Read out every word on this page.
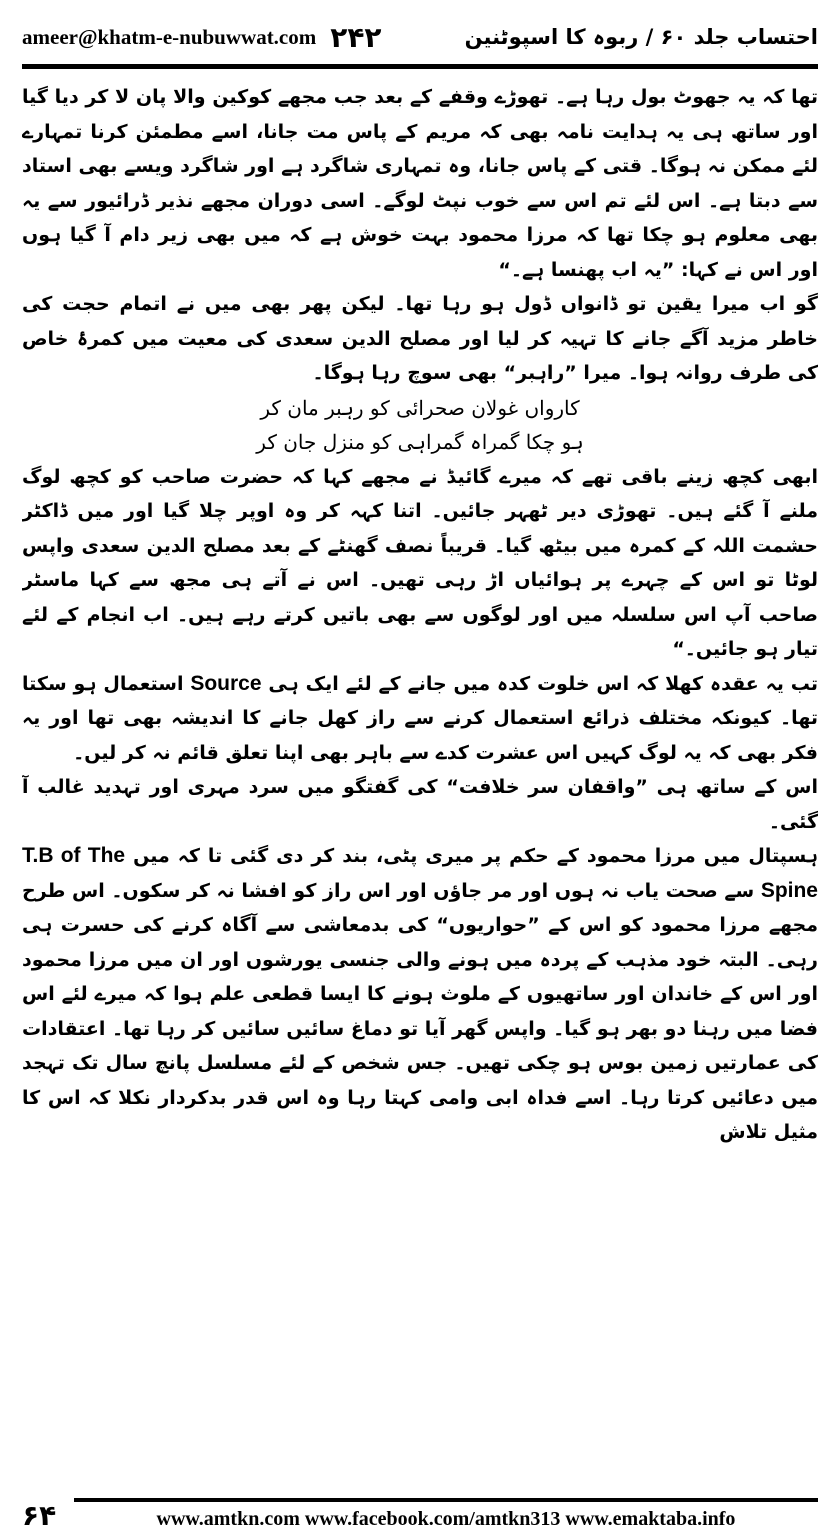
ameer@khatm-e-nubuwwat.com ۲۴۲	احتساب جلد ۶۰ / ربوہ کا اسپوٹنین

تھا کہ یہ جھوٹ بول رہا ہے۔ تھوڑے وقفے کے بعد جب مجھے کوکین والا پان لا کر دیا گیا اور ساتھ ہی یہ ہدایت نامہ بھی کہ مریم کے پاس مت جانا، اسے مطمئن کرنا تمہارے لئے ممکن نہ ہوگا۔ قتی کے پاس جانا، وہ تمہاری شاگرد ہے اور شاگرد ویسے بھی استاد سے دبتا ہے۔ اس لئے تم اس سے خوب نپٹ لوگے۔ اسی دوران مجھے نذیر ڈرائیور سے یہ بھی معلوم ہو چکا تھا کہ مرزا محمود بہت خوش ہے کہ میں بھی زیر دام آ گیا ہوں اور اس نے کہا: ”یہ اب پھنسا ہے۔“

گو اب میرا یقین تو ڈانواں ڈول ہو رہا تھا۔ لیکن پھر بھی میں نے اتمام حجت کی خاطر مزید آگے جانے کا تہیہ کر لیا اور مصلح الدین سعدی کی معیت میں کمرۂ خاص کی طرف روانہ ہوا۔ میرا ”راہبر“ بھی سوچ رہا ہوگا۔

کارواں غولان صحرائی کو رہبر مان کر

ہو چکا گمراہ گمراہی کو منزل جان کر

ابھی کچھ زینے باقی تھے کہ میرے گائیڈ نے مجھے کہا کہ حضرت صاحب کو کچھ لوگ ملنے آ گئے ہیں۔ تھوڑی دیر ٹھہر جائیں۔ اتنا کہہ کر وہ اوپر چلا گیا اور میں ڈاکٹر حشمت اللہ کے کمرہ میں بیٹھ گیا۔ قریباً نصف گھنٹے کے بعد مصلح الدین سعدی واپس لوٹا تو اس کے چہرے پر ہوائیاں اڑ رہی تھیں۔ اس نے آتے ہی مجھ سے کہا ماسٹر صاحب آپ اس سلسلہ میں اور لوگوں سے بھی باتیں کرتے رہے ہیں۔ اب انجام کے لئے تیار ہو جائیں۔“

تب یہ عقدہ کھلا کہ اس خلوت کدہ میں جانے کے لئے ایک ہی Source استعمال ہو سکتا تھا۔ کیونکہ مختلف ذرائع استعمال کرنے سے راز کھل جانے کا اندیشہ بھی تھا اور یہ فکر بھی کہ یہ لوگ کہیں اس عشرت کدے سے باہر بھی اپنا تعلق قائم نہ کر لیں۔

اس کے ساتھ ہی ”واقفان سر خلافت“ کی گفتگو میں سرد مہری اور تہدید غالب آ گئی۔

ہسپتال میں مرزا محمود کے حکم پر میری پٹی، بند کر دی گئی تا کہ میں T.B of The Spine سے صحت یاب نہ ہوں اور مر جاؤں اور اس راز کو افشا نہ کر سکوں۔ اس طرح مجھے مرزا محمود کو اس کے ”حواریوں“ کی بدمعاشی سے آگاہ کرنے کی حسرت ہی رہی۔ البتہ خود مذہب کے پردہ میں ہونے والی جنسی یورشوں اور ان میں مرزا محمود اور اس کے خاندان اور ساتھیوں کے ملوث ہونے کا ایسا قطعی علم ہوا کہ میرے لئے اس فضا میں رہنا دو بھر ہو گیا۔ واپس گھر آیا تو دماغ سائیں سائیں کر رہا تھا۔ اعتقادات کی عمارتیں زمین بوس ہو چکی تھیں۔ جس شخص کے لئے مسلسل پانچ سال تک تہجد میں دعائیں کرتا رہا۔ اسے فداہ ابی وامی کہتا رہا وہ اس قدر بدکردار نکلا کہ اس کا مثیل تلاش

۶۴	www.amtkn.com www.facebook.com/amtkn313 www.emaktaba.info
